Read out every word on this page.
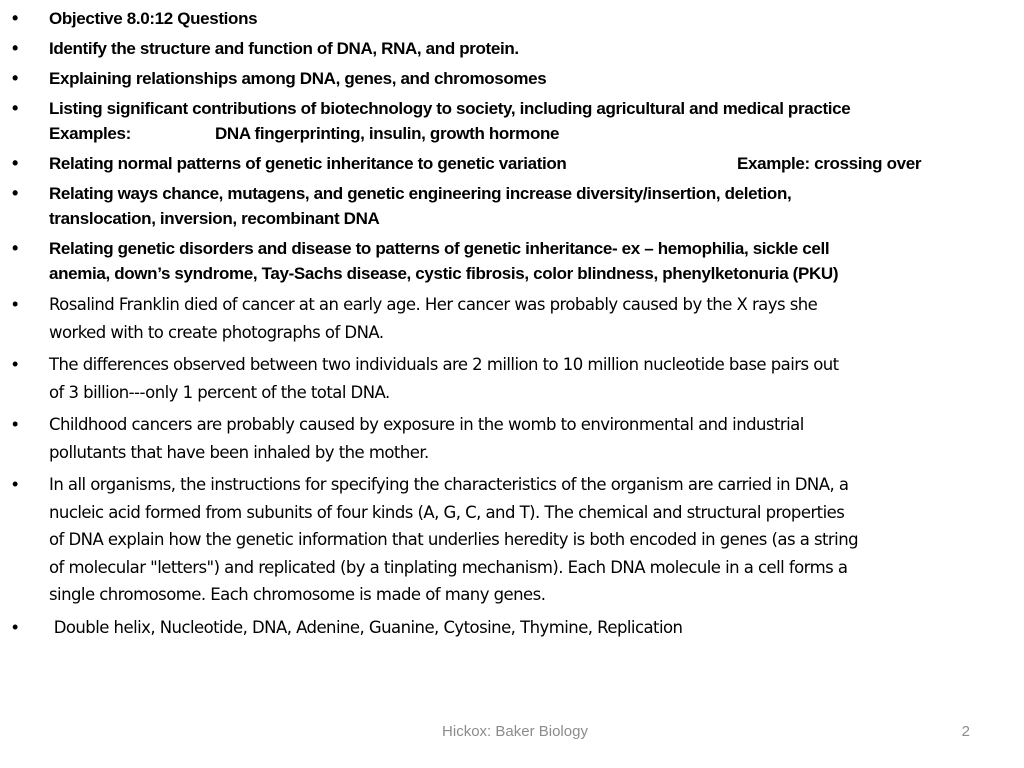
• Objective 8.0:12 Questions
• Identify the structure and function of DNA, RNA, and protein.
• Explaining relationships among DNA, genes, and chromosomes
• Listing significant contributions of biotechnology to society, including agricultural and medical practice
Examples:	DNA fingerprinting, insulin, growth hormone
• Relating normal patterns of genetic inheritance to genetic variation	Example: crossing over
• Relating ways chance, mutagens, and genetic engineering increase diversity/insertion, deletion,
translocation, inversion, recombinant DNA
• Relating genetic disorders and disease to patterns of genetic inheritance- ex – hemophilia, sickle cell
anemia, down’s syndrome, Tay-Sachs disease, cystic fibrosis, color blindness, phenylketonuria (PKU)
• Rosalind Franklin died of cancer at an early age. Her cancer was probably caused by the X rays she
worked with to create photographs of DNA.
• The differences observed between two individuals are 2 million to 10 million nucleotide base pairs out
of 3 billion---only 1 percent of the total DNA.
• Childhood cancers are probably caused by exposure in the womb to environmental and industrial
pollutants that have been inhaled by the mother.
• In all organisms, the instructions for specifying the characteristics of the organism are carried in DNA, a
nucleic acid formed from subunits of four kinds (A, G, C, and T). The chemical and structural properties
of DNA explain how the genetic information that underlies heredity is both encoded in genes (as a string
of molecular "letters") and replicated (by a tinplating mechanism). Each DNA molecule in a cell forms a
single chromosome. Each chromosome is made of many genes.
• Double helix, Nucleotide, DNA, Adenine, Guanine, Cytosine, Thymine, Replication
Hickox: Baker Biology	2
